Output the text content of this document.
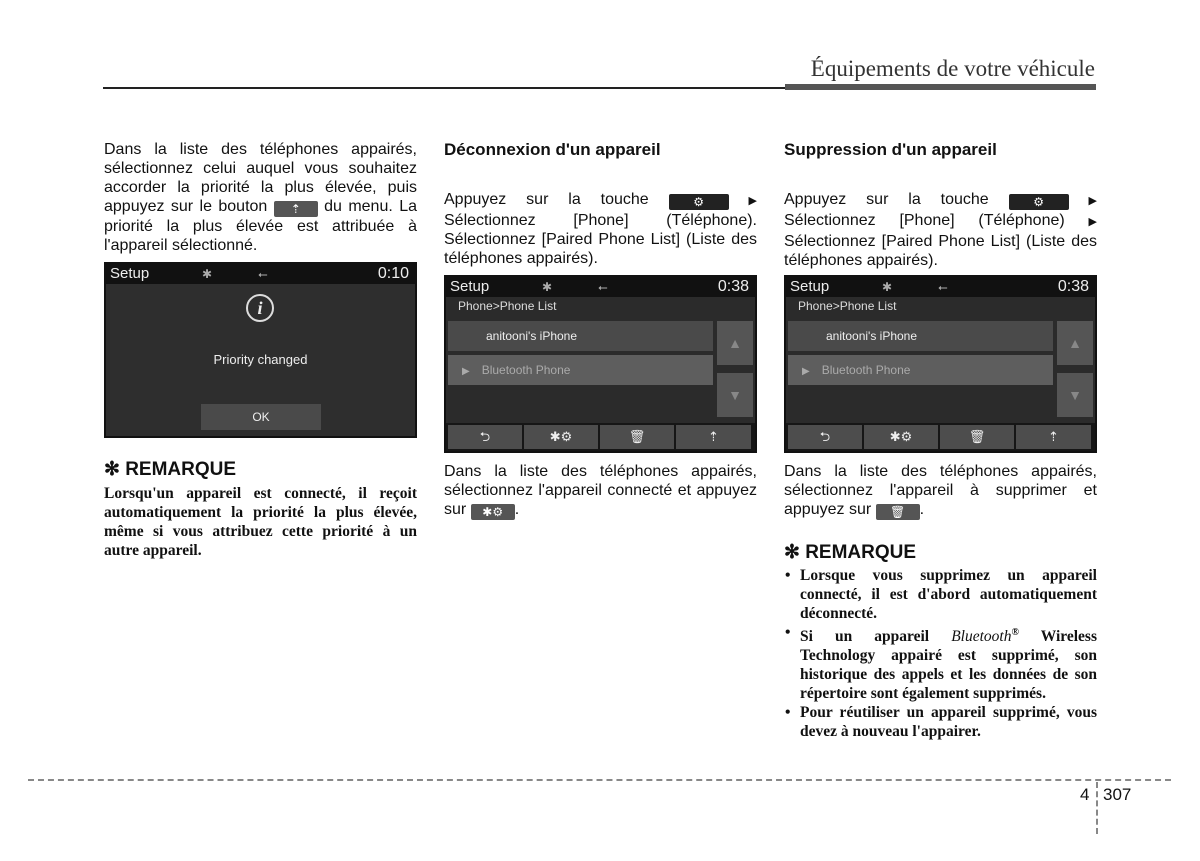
Équipements de votre véhicule

Dans la liste des téléphones appairés, sélectionnez celui auquel vous souhaitez accorder la priorité la plus élevée, puis appuyez sur le bouton ⇡ du menu. La priorité la plus élevée est attribuée à l'appareil sélectionné.

Setup	✱	⭠	0:10
i
Priority changed
OK
✻ REMARQUE
Lorsqu'un appareil est connecté, il reçoit automatiquement la priorité la plus élevée, même si vous attribuez cette priorité à un autre appareil.
Déconnexion d'un appareil

Appuyez sur la touche	⚙	▶ Sélectionnez [Phone] (Téléphone). Sélectionnez [Paired Phone List] (Liste des téléphones appairés).

Setup	✱	⭠	0:38
Phone>Phone List
anitooni's iPhone
▶ Bluetooth Phone
▲
▼
⮌	✱⚙	🗑	⇡

Dans la liste des téléphones appairés, sélectionnez l'appareil connecté et appuyez sur ✱⚙ .

Suppression d'un appareil

Appuyez sur la touche	⚙	▶ Sélectionnez [Phone] (Téléphone) ▶ Sélectionnez [Paired Phone List] (Liste des téléphones appairés).

Setup	✱	⭠	0:38
Phone>Phone List
anitooni's iPhone
▶ Bluetooth Phone
▲
▼
⮌	✱⚙	🗑	⇡

Dans la liste des téléphones appairés, sélectionnez l'appareil à supprimer et appuyez sur 🗑 .

✻ REMARQUE
• Lorsque vous supprimez un appareil connecté, il est d'abord automatiquement déconnecté.
• Si un appareil Bluetooth® Wireless Technology appairé est supprimé, son historique des appels et les données de son répertoire sont également supprimés.
• Pour réutiliser un appareil supprimé, vous devez à nouveau l'appairer.
4 307
